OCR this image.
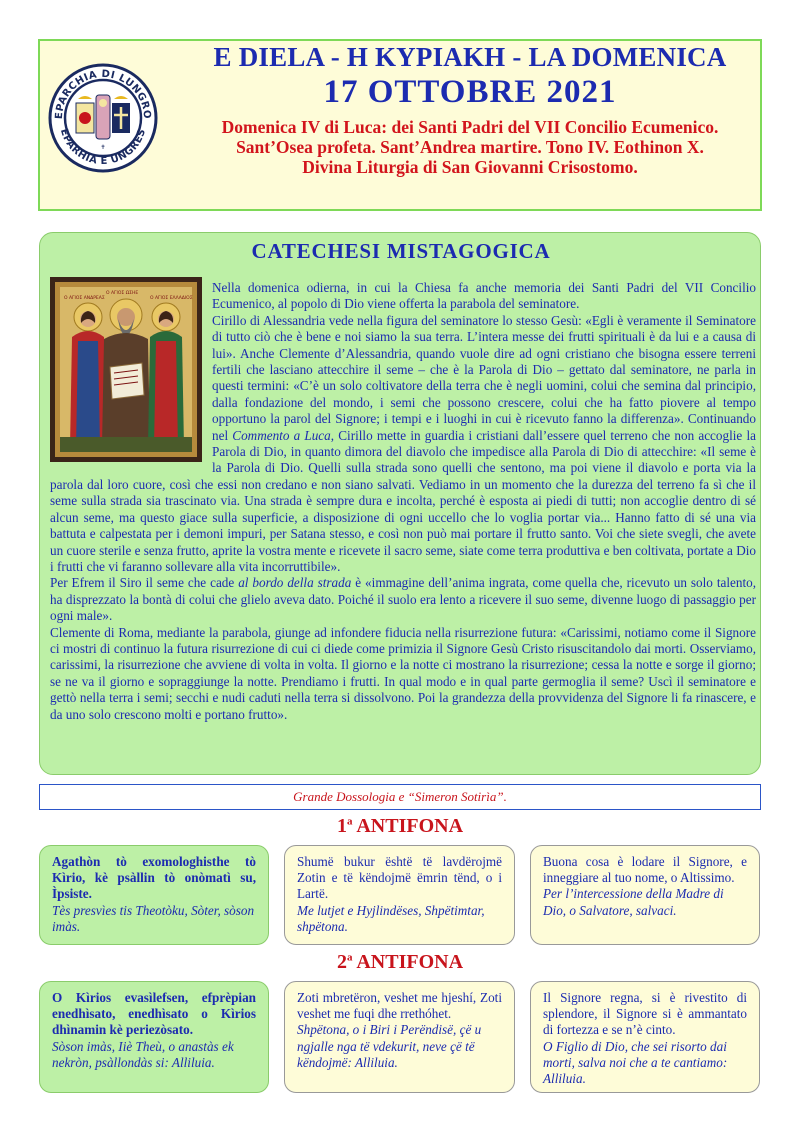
EPARCHIA DI LUNGRO
EPARHIA E UNGRES
✝
E DIELA - H KYPIAKH - LA DOMENICA
17 OTTOBRE 2021
Domenica IV di Luca: dei Santi Padri del VII Concilio Ecumenico.
Sant’Osea profeta. Sant’Andrea martire. Tono IV. Eothinon X.
Divina Liturgia di San Giovanni Crisostomo.
CATECHESI MISTAGOGICA
Ο ΑΓΙΟΣ ΑΝΔΡΕΑΣ
Ο ΑΓΙΟΣ ΩΣΗΕ
Ο ΑΓΙΟΣ ΕΛΛΑΔΙΟΣ

Nella domenica odierna, in cui la Chiesa fa anche memoria dei Santi Padri del VII Concilio Ecumenico, al popolo di Dio viene offerta la parabola del seminatore.

Cirillo di Alessandria vede nella figura del seminatore lo stesso Gesù: «Egli è veramente il Seminatore di tutto ciò che è bene e noi siamo la sua terra. L’intera messe dei frutti spirituali è da lui e a causa di lui». Anche Clemente d’Alessandria, quando vuole dire ad ogni cristiano che bisogna essere terreni fertili che lasciano attecchire il seme – che è la Parola di Dio – gettato dal seminatore, ne parla in questi termini: «C’è un solo coltivatore della terra che è negli uomini, colui che semina dal principio, dalla fondazione del mondo, i semi che possono crescere, colui che ha fatto piovere al tempo opportuno la parol del Signore; i tempi e i luoghi in cui è ricevuto fanno la differenza». Continuando nel Commento a Luca, Cirillo mette in guardia i cristiani dall’essere quel terreno che non accoglie la Parola di Dio, in quanto dimora del diavolo che impedisce alla Parola di Dio di attecchire: «Il seme è la Parola di Dio. Quelli sulla strada sono quelli che sentono, ma poi viene il diavolo e porta via la parola dal loro cuore, così che essi non credano e non siano salvati. Vediamo in un momento che la durezza del terreno fa sì che il seme sulla strada sia trascinato via. Una strada è sempre dura e incolta, perché è esposta ai piedi di tutti; non accoglie dentro di sé alcun seme, ma questo giace sulla superficie, a disposizione di ogni uccello che lo voglia portar via... Hanno fatto di sé una via battuta e calpestata per i demoni impuri, per Satana stesso, e così non può mai portare il frutto santo. Voi che siete svegli, che avete un cuore sterile e senza frutto, aprite la vostra mente e ricevete il sacro seme, siate come terra produttiva e ben coltivata, portate a Dio i frutti che vi faranno sollevare alla vita incorruttibile».

Per Efrem il Siro il seme che cade al bordo della strada è «immagine dell’anima ingrata, come quella che, ricevuto un solo talento, ha disprezzato la bontà di colui che glielo aveva dato. Poiché il suolo era lento a ricevere il suo seme, divenne luogo di passaggio per ogni male».

Clemente di Roma, mediante la parabola, giunge ad infondere fiducia nella risurrezione futura: «Carissimi, notiamo come il Signore ci mostri di continuo la futura risurrezione di cui ci diede come primizia il Signore Gesù Cristo risuscitandolo dai morti. Osserviamo, carissimi, la risurrezione che avviene di volta in volta. Il giorno e la notte ci mostrano la risurrezione; cessa la notte e sorge il giorno; se ne va il giorno e sopraggiunge la notte. Prendiamo i frutti. In qual modo e in qual parte germoglia il seme? Uscì il seminatore e gettò nella terra i semi; secchi e nudi caduti nella terra si dissolvono. Poi la grandezza della provvidenza del Signore li fa rinascere, e da uno solo crescono molti e portano frutto».

Grande Dossologia e “Simeron Sotirìa”.
1$^a$ ANTIFONA

Agathòn tò exomologhisthe tò Kìrio, kè psàllin tò onòmatì su, Ìpsiste.

Tès presvìes tis Theotòku, Sòter, sòson imàs.

Shumë bukur është të lavdërojmë Zotin e të këndojmë ëmrin tënd, o i Lartë.

Me lutjet e Hyjlindëses, Shpëtimtar, shpëtona.

Buona cosa è lodare il Signore, e inneggiare al tuo nome, o Altissimo.

Per l’intercessione della Madre di Dio, o Salvatore, salvaci.

2$^a$ ANTIFONA

O Kìrios evasìlefsen, efprèpian enedhìsato, enedhìsato o Kìrios dhìnamin kè periezòsato.

Sòson imàs, Iiè Theù, o anastàs ek nekròn, psàllondàs si: Alliluia.

Zoti mbretëron, veshet me hjeshí, Zoti veshet me fuqi dhe rrethóhet.

Shpëtona, o i Biri i Perëndisë, çë u ngjalle nga të vdekurit, neve çë të këndojmë: Alliluia.

Il Signore regna, si è rivestito di splendore, il Signore si è ammantato di fortezza e se n’è cinto.

O Figlio di Dio, che sei risorto dai morti, salva noi che a te cantiamo: Alliluia.
